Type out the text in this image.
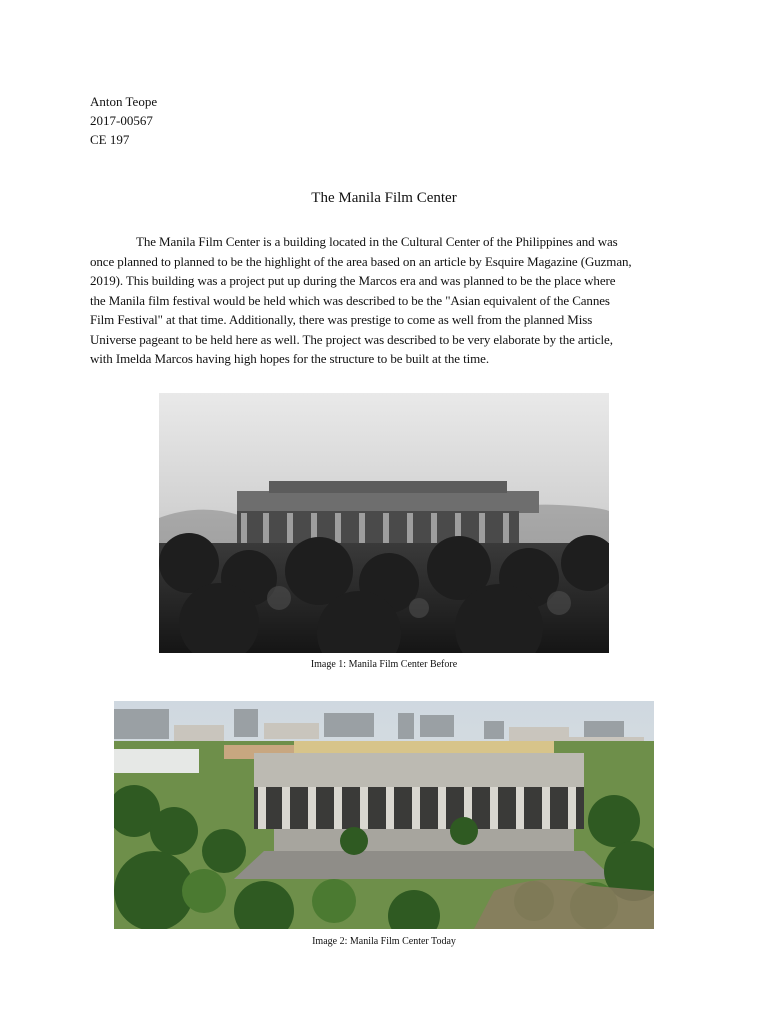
Anton Teope
2017-00567
CE 197
The Manila Film Center
The Manila Film Center is a building located in the Cultural Center of the Philippines and was
once planned to planned to be the highlight of the area based on an article by Esquire Magazine (Guzman,
2019). This building was a project put up during the Marcos era and was planned to be the place where
the Manila film festival would be held which was described to be the "Asian equivalent of the Cannes
Film Festival" at that time. Additionally, there was prestige to come as well from the planned Miss
Universe pageant to be held here as well. The project was described to be very elaborate by the article,
with Imelda Marcos having high hopes for the structure to be built at the time.
Image 1: Manila Film Center Before
Image 2: Manila Film Center Today
